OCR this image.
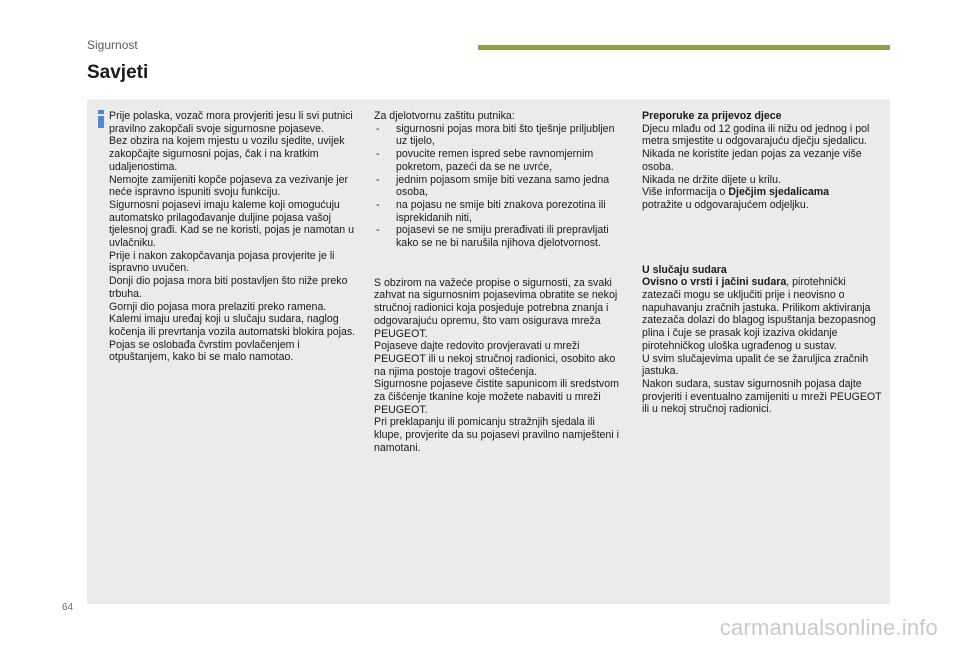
Sigurnost
Savjeti

Prije polaska, vozač mora provjeriti jesu li svi putnici pravilno zakopčali svoje sigurnosne pojaseve.

Bez obzira na kojem mjestu u vozilu sjedite, uvijek zakopčajte sigurnosni pojas, čak i na kratkim udaljenostima.

Nemojte zamijeniti kopče pojaseva za vezivanje jer neće ispravno ispuniti svoju funkciju.

Sigurnosni pojasevi imaju kaleme koji omogućuju automatsko prilagođavanje duljine pojasa vašoj tjelesnoj građi. Kad se ne koristi, pojas je namotan u uvlačniku.

Prije i nakon zakopčavanja pojasa provjerite je li ispravno uvučen.

Donji dio pojasa mora biti postavljen što niže preko trbuha.

Gornji dio pojasa mora prelaziti preko ramena.

Kalemi imaju uređaj koji u slučaju sudara, naglog kočenja ili prevrtanja vozila automatski blokira pojas. Pojas se oslobađa čvrstim povlačenjem i otpuštanjem, kako bi se malo namotao.

Za djelotvornu zaštitu putnika:

- sigurnosni pojas mora biti što tješnje priljubljen uz tijelo,
- povucite remen ispred sebe ravnomjernim pokretom, pazeći da se ne uvrće,
- jednim pojasom smije biti vezana samo jedna osoba,
- na pojasu ne smije biti znakova porezotina ili isprekidanih niti,
- pojasevi se ne smiju prerađivati ili prepravljati kako se ne bi narušila njihova djelotvornost.

S obzirom na važeće propise o sigurnosti, za svaki zahvat na sigurnosnim pojasevima obratite se nekoj stručnoj radionici koja posjeduje potrebna znanja i odgovarajuću opremu, što vam osigurava mreža PEUGEOT.

Pojaseve dajte redovito provjeravati u mreži PEUGEOT ili u nekoj stručnoj radionici, osobito ako na njima postoje tragovi oštećenja.

Sigurnosne pojaseve čistite sapunicom ili sredstvom za čišćenje tkanine koje možete nabaviti u mreži PEUGEOT.

Pri preklapanju ili pomicanju stražnjih sjedala ili klupe, provjerite da su pojasevi pravilno namješteni i namotani.

Preporuke za prijevoz djece

Djecu mlađu od 12 godina ili nižu od jednog i pol metra smjestite u odgovarajuću dječju sjedalicu.

Nikada ne koristite jedan pojas za vezanje više osoba.

Nikada ne držite dijete u krilu.

Više informacija o Dječjim sjedalicama
potražite u odgovarajućem odjeljku.

U slučaju sudara

Ovisno o vrsti i jačini sudara, pirotehnički zatezači mogu se uključiti prije i neovisno o napuhavanju zračnih jastuka. Prilikom aktiviranja zatezača dolazi do blagog ispuštanja bezopasnog plina i čuje se prasak koji izaziva okidanje pirotehničkog uloška ugrađenog u sustav.

U svim slučajevima upalit će se žaruljica zračnih jastuka.

Nakon sudara, sustav sigurnosnih pojasa dajte provjeriti i eventualno zamijeniti u mreži PEUGEOT ili u nekoj stručnoj radionici.

64
carmanualsonline.info
